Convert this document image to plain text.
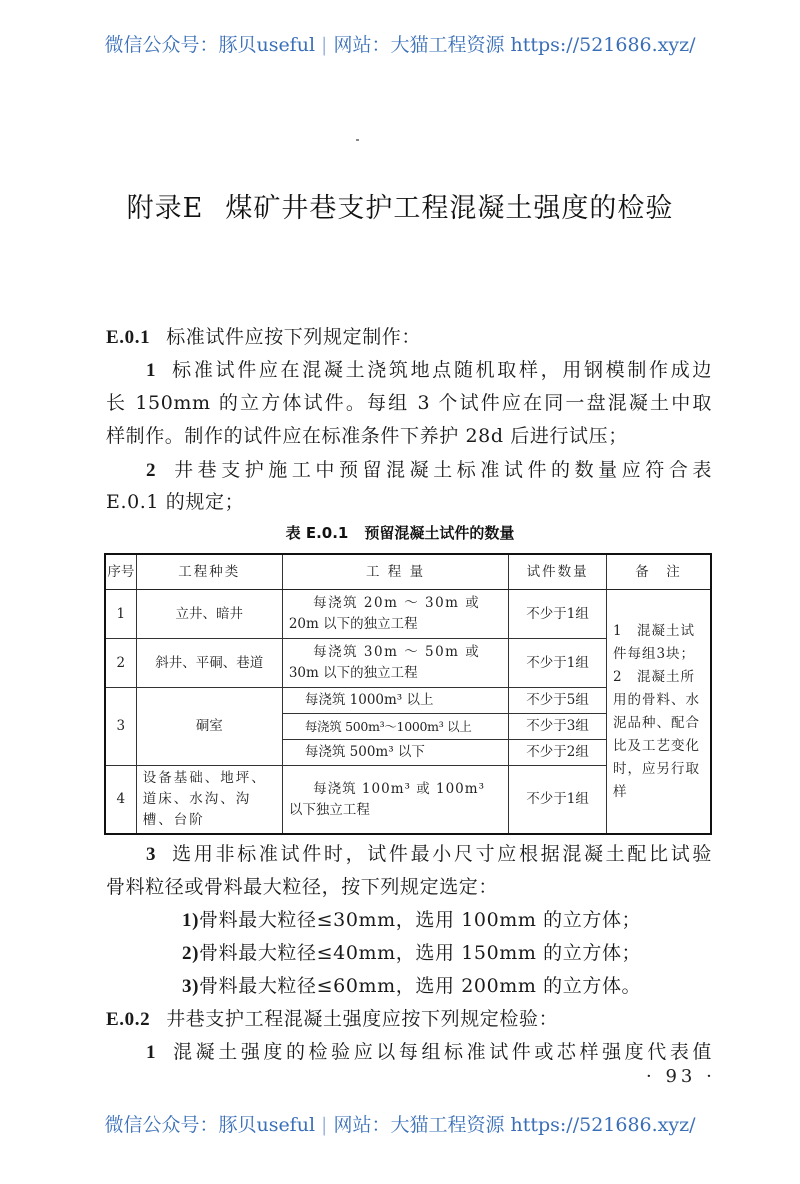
微信公众号：豚贝useful | 网站：大猫工程资源 https://521686.xyz/
附录E 煤矿井巷支护工程混凝土强度的检验
E.0.1 标准试件应按下列规定制作：
1 标准试件应在混凝土浇筑地点随机取样，用钢模制作成边
长 150mm 的立方体试件。每组 3 个试件应在同一盘混凝土中取
样制作。制作的试件应在标准条件下养护 28d 后进行试压；
2 井巷支护施工中预留混凝土标准试件的数量应符合表
E.0.1 的规定；
表 E.0.1 预留混凝土试件的数量
序号	工程种类	工 程 量	试件数量	备　注
1	立井、暗井	每浇筑 20m ～ 30m 或
20m 以下的独立工程	不少于1组	1　混凝土试件每组3块；　2　混凝土所用的骨料、水泥品种、配合比及工艺变化时，应另行取样
2	斜井、平硐、巷道	每浇筑 30m ～ 50m 或
30m 以下的独立工程	不少于1组	
3	硐室	每浇筑 1000m³ 以上	不少于5组	
		每浇筑 500m³～1000m³ 以上	不少于3组	
		每浇筑 500m³ 以下	不少于2组	
4	设备基础、地坪、道床、水沟、沟槽、台阶	每浇筑 100m³ 或 100m³
以下独立工程	不少于1组	
3 选用非标准试件时，试件最小尺寸应根据混凝土配比试验
骨料粒径或骨料最大粒径，按下列规定选定：
1)骨料最大粒径≤30mm，选用 100mm 的立方体；
2)骨料最大粒径≤40mm，选用 150mm 的立方体；
3)骨料最大粒径≤60mm，选用 200mm 的立方体。
E.0.2 井巷支护工程混凝土强度应按下列规定检验：
1 混凝土强度的检验应以每组标准试件或芯样强度代表值
· 93 ·
微信公众号：豚贝useful | 网站：大猫工程资源 https://521686.xyz/
